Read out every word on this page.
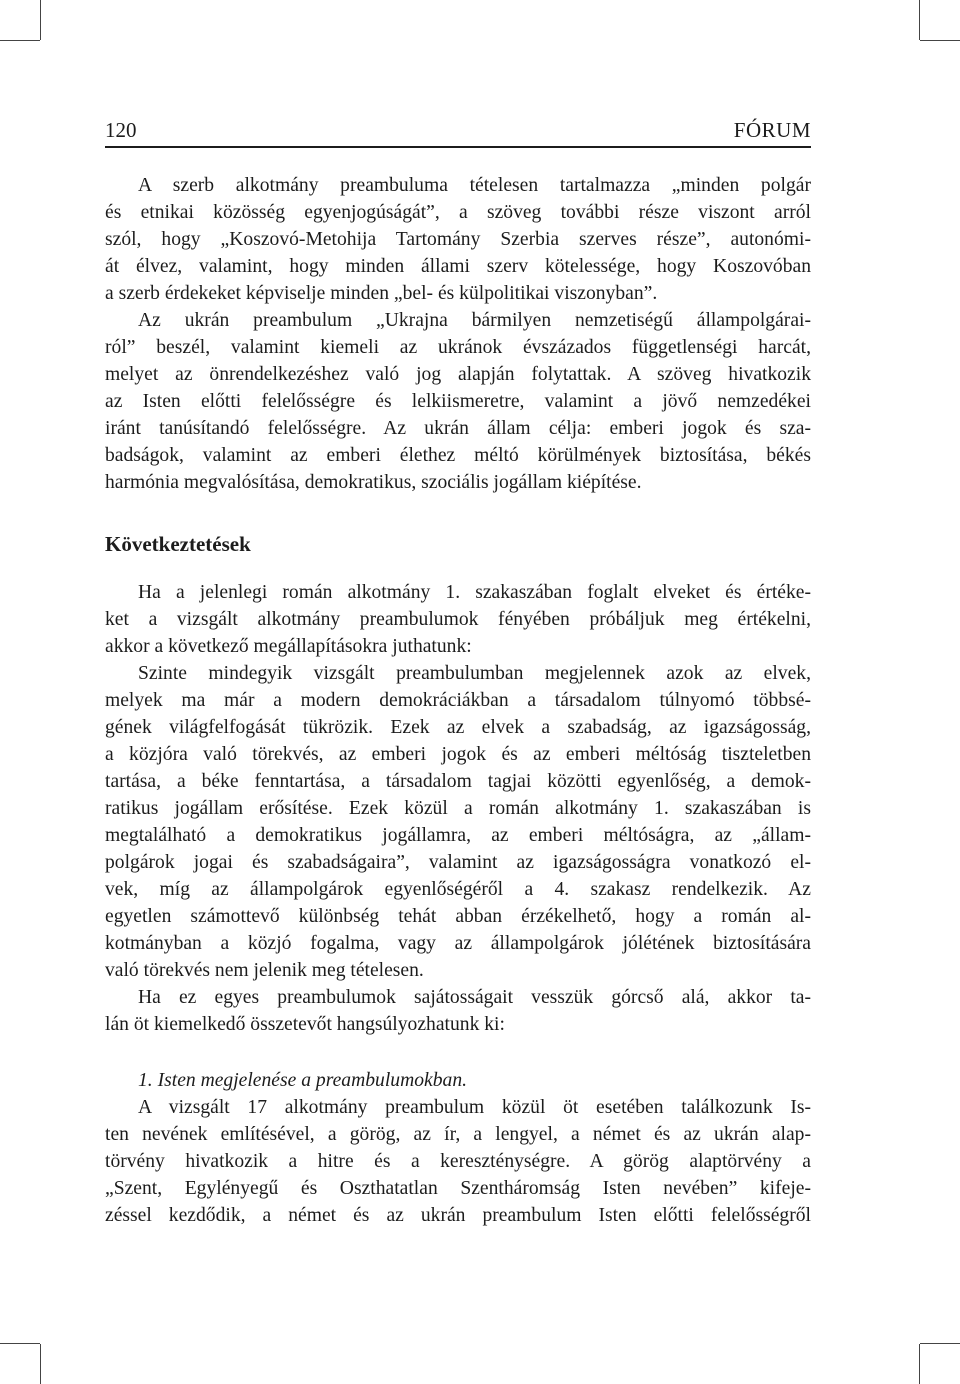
120	FÓRUM
A szerb alkotmány preambuluma tételesen tartalmazza „minden polgár
és etnikai közösség egyenjogúságát”, a szöveg további része viszont arról
szól, hogy „Koszovó-Metohija Tartomány Szerbia szerves része”, autonómi-
át élvez, valamint, hogy minden állami szerv kötelessége, hogy Koszovóban
a szerb érdekeket képviselje minden „bel- és külpolitikai viszonyban”.
Az ukrán preambulum „Ukrajna bármilyen nemzetiségű állampolgárai-
ról” beszél, valamint kiemeli az ukránok évszázados függetlenségi harcát,
melyet az önrendelkezéshez való jog alapján folytattak. A szöveg hivatkozik
az Isten előtti felelősségre és lelkiismeretre, valamint a jövő nemzedékei
iránt tanúsítandó felelősségre. Az ukrán állam célja: emberi jogok és sza-
badságok, valamint az emberi élethez méltó körülmények biztosítása, békés
harmónia megvalósítása, demokratikus, szociális jogállam kiépítése.
Következtetések
Ha a jelenlegi román alkotmány 1. szakaszában foglalt elveket és értéke-
ket a vizsgált alkotmány preambulumok fényében próbáljuk meg értékelni,
akkor a következő megállapításokra juthatunk:
Szinte mindegyik vizsgált preambulumban megjelennek azok az elvek,
melyek ma már a modern demokráciákban a társadalom túlnyomó többsé-
gének világfelfogását tükrözik. Ezek az elvek a szabadság, az igazságosság,
a közjóra való törekvés, az emberi jogok és az emberi méltóság tiszteletben
tartása, a béke fenntartása, a társadalom tagjai közötti egyenlőség, a demok-
ratikus jogállam erősítése. Ezek közül a román alkotmány 1. szakaszában is
megtalálható a demokratikus jogállamra, az emberi méltóságra, az „állam-
polgárok jogai és szabadságaira”, valamint az igazságosságra vonatkozó el-
vek, míg az állampolgárok egyenlőségéről a 4. szakasz rendelkezik. Az
egyetlen számottevő különbség tehát abban érzékelhető, hogy a román al-
kotmányban a közjó fogalma, vagy az állampolgárok jólétének biztosítására
való törekvés nem jelenik meg tételesen.
Ha ez egyes preambulumok sajátosságait vesszük górcső alá, akkor ta-
lán öt kiemelkedő összetevőt hangsúlyozhatunk ki:
1. Isten megjelenése a preambulumokban.
A vizsgált 17 alkotmány preambulum közül öt esetében találkozunk Is-
ten nevének említésével, a görög, az ír, a lengyel, a német és az ukrán alap-
törvény hivatkozik a hitre és a kereszténységre. A görög alaptörvény a
„Szent, Egylényegű és Oszthatatlan Szentháromság Isten nevében” kifeje-
zéssel kezdődik, a német és az ukrán preambulum Isten előtti felelősségről
